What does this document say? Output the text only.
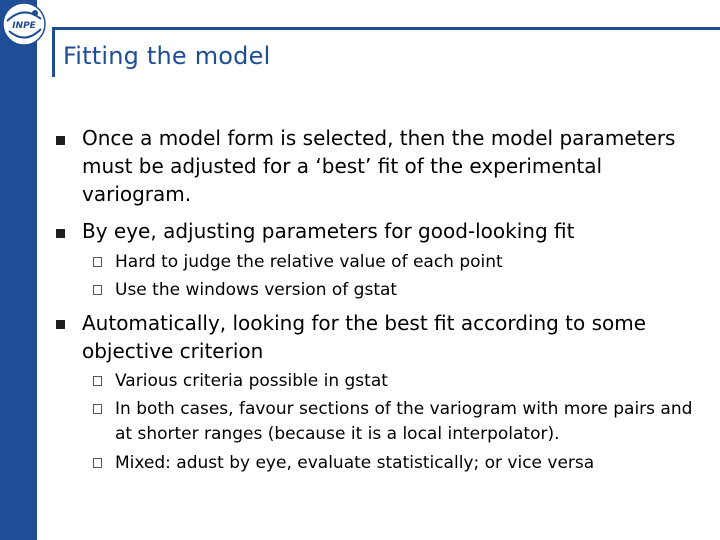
INPE
Fitting the model
Once a model form is selected, then the model parameters must be adjusted for a ‘best’ fit of the experimental variogram.
By eye, adjusting parameters for good-looking fit
Hard to judge the relative value of each point
Use the windows version of gstat
Automatically, looking for the best fit according to some objective criterion
Various criteria possible in gstat
In both cases, favour sections of the variogram with more pairs and at shorter ranges (because it is a local interpolator).
Mixed: adust by eye, evaluate statistically; or vice versa
